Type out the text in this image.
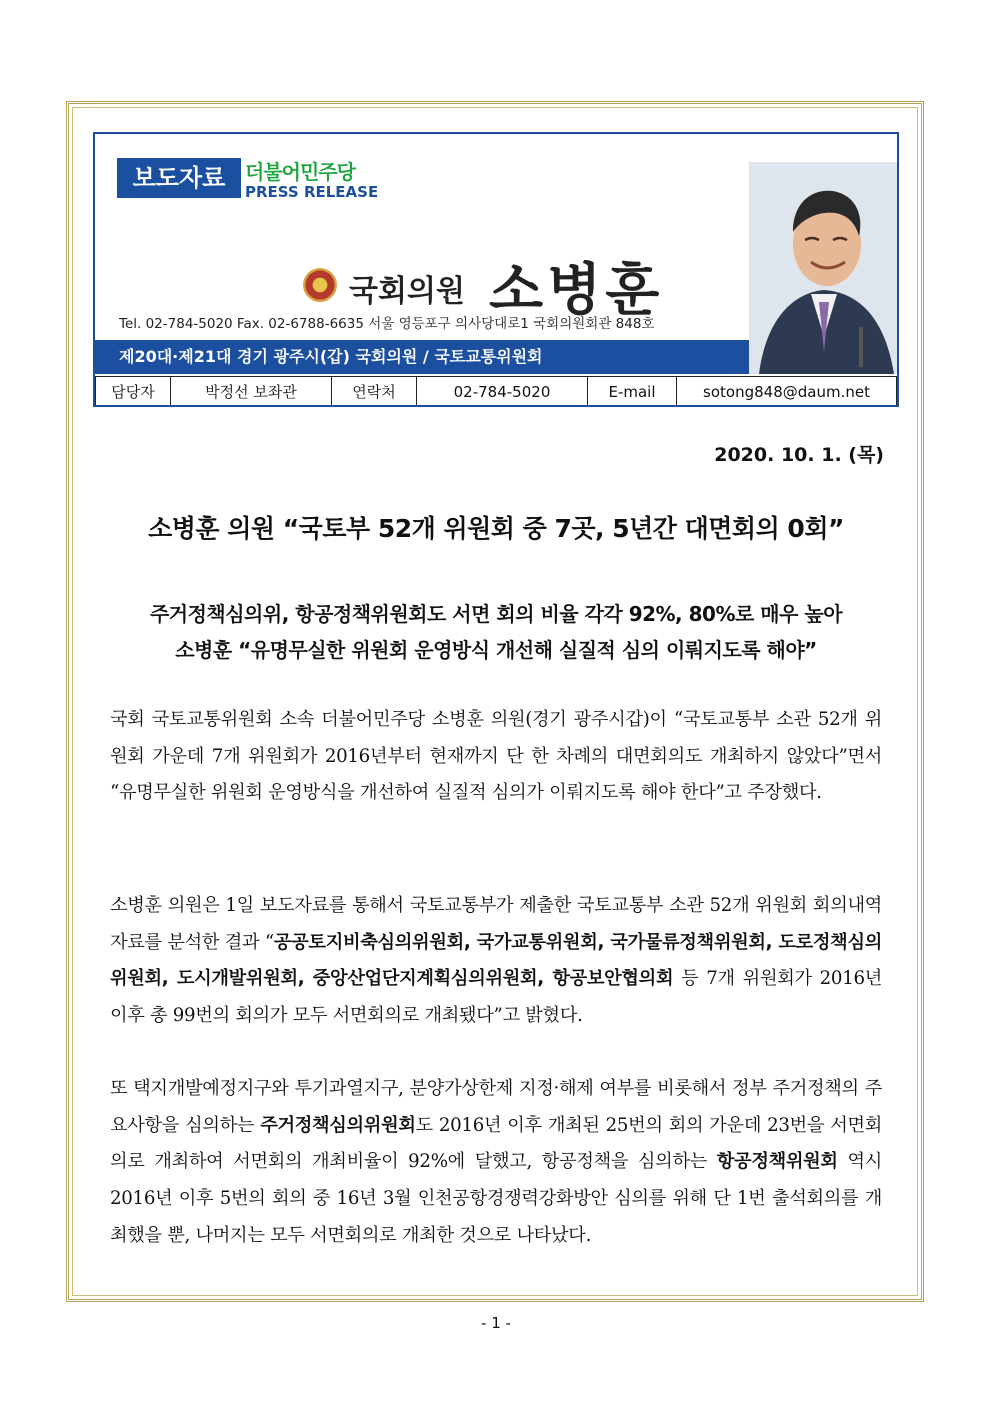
보도자료 더불어민주당
PRESS RELEASE
국회의원 소병훈
Tel. 02-784-5020 Fax. 02-6788-6635 서울 영등포구 의사당대로1 국회의원회관 848호
제20대·제21대 경기 광주시(갑) 국회의원 / 국토교통위원회
담당자	박정선 보좌관	연락처	02-784-5020	E-mail	sotong848@daum.net
2020. 10. 1. (목)
소병훈 의원 “국토부 52개 위원회 중 7곳, 5년간 대면회의 0회”
주거정책심의위, 항공정책위원회도 서면 회의 비율 각각 92%, 80%로 매우 높아
소병훈 “유명무실한 위원회 운영방식 개선해 실질적 심의 이뤄지도록 해야”
국회 국토교통위원회 소속 더불어민주당 소병훈 의원(경기 광주시갑)이 “국토교통부 소관 52개 위원회 가운데 7개 위원회가 2016년부터 현재까지 단 한 차례의 대면회의도 개최하지 않았다”면서 “유명무실한 위원회 운영방식을 개선하여 실질적 심의가 이뤄지도록 해야 한다”고 주장했다.
소병훈 의원은 1일 보도자료를 통해서 국토교통부가 제출한 국토교통부 소관 52개 위원회 회의내역 자료를 분석한 결과 “공공토지비축심의위원회, 국가교통위원회, 국가물류정책위원회, 도로정책심의위원회, 도시개발위원회, 중앙산업단지계획심의위원회, 항공보안협의회 등 7개 위원회가 2016년 이후 총 99번의 회의가 모두 서면회의로 개최됐다”고 밝혔다.
또 택지개발예정지구와 투기과열지구, 분양가상한제 지정·해제 여부를 비롯해서 정부 주거정책의 주요사항을 심의하는 주거정책심의위원회도 2016년 이후 개최된 25번의 회의 가운데 23번을 서면회의로 개최하여 서면회의 개최비율이 92%에 달했고, 항공정책을 심의하는 항공정책위원회 역시 2016년 이후 5번의 회의 중 16년 3월 인천공항경쟁력강화방안 심의를 위해 단 1번 출석회의를 개최했을 뿐, 나머지는 모두 서면회의로 개최한 것으로 나타났다.
- 1 -
